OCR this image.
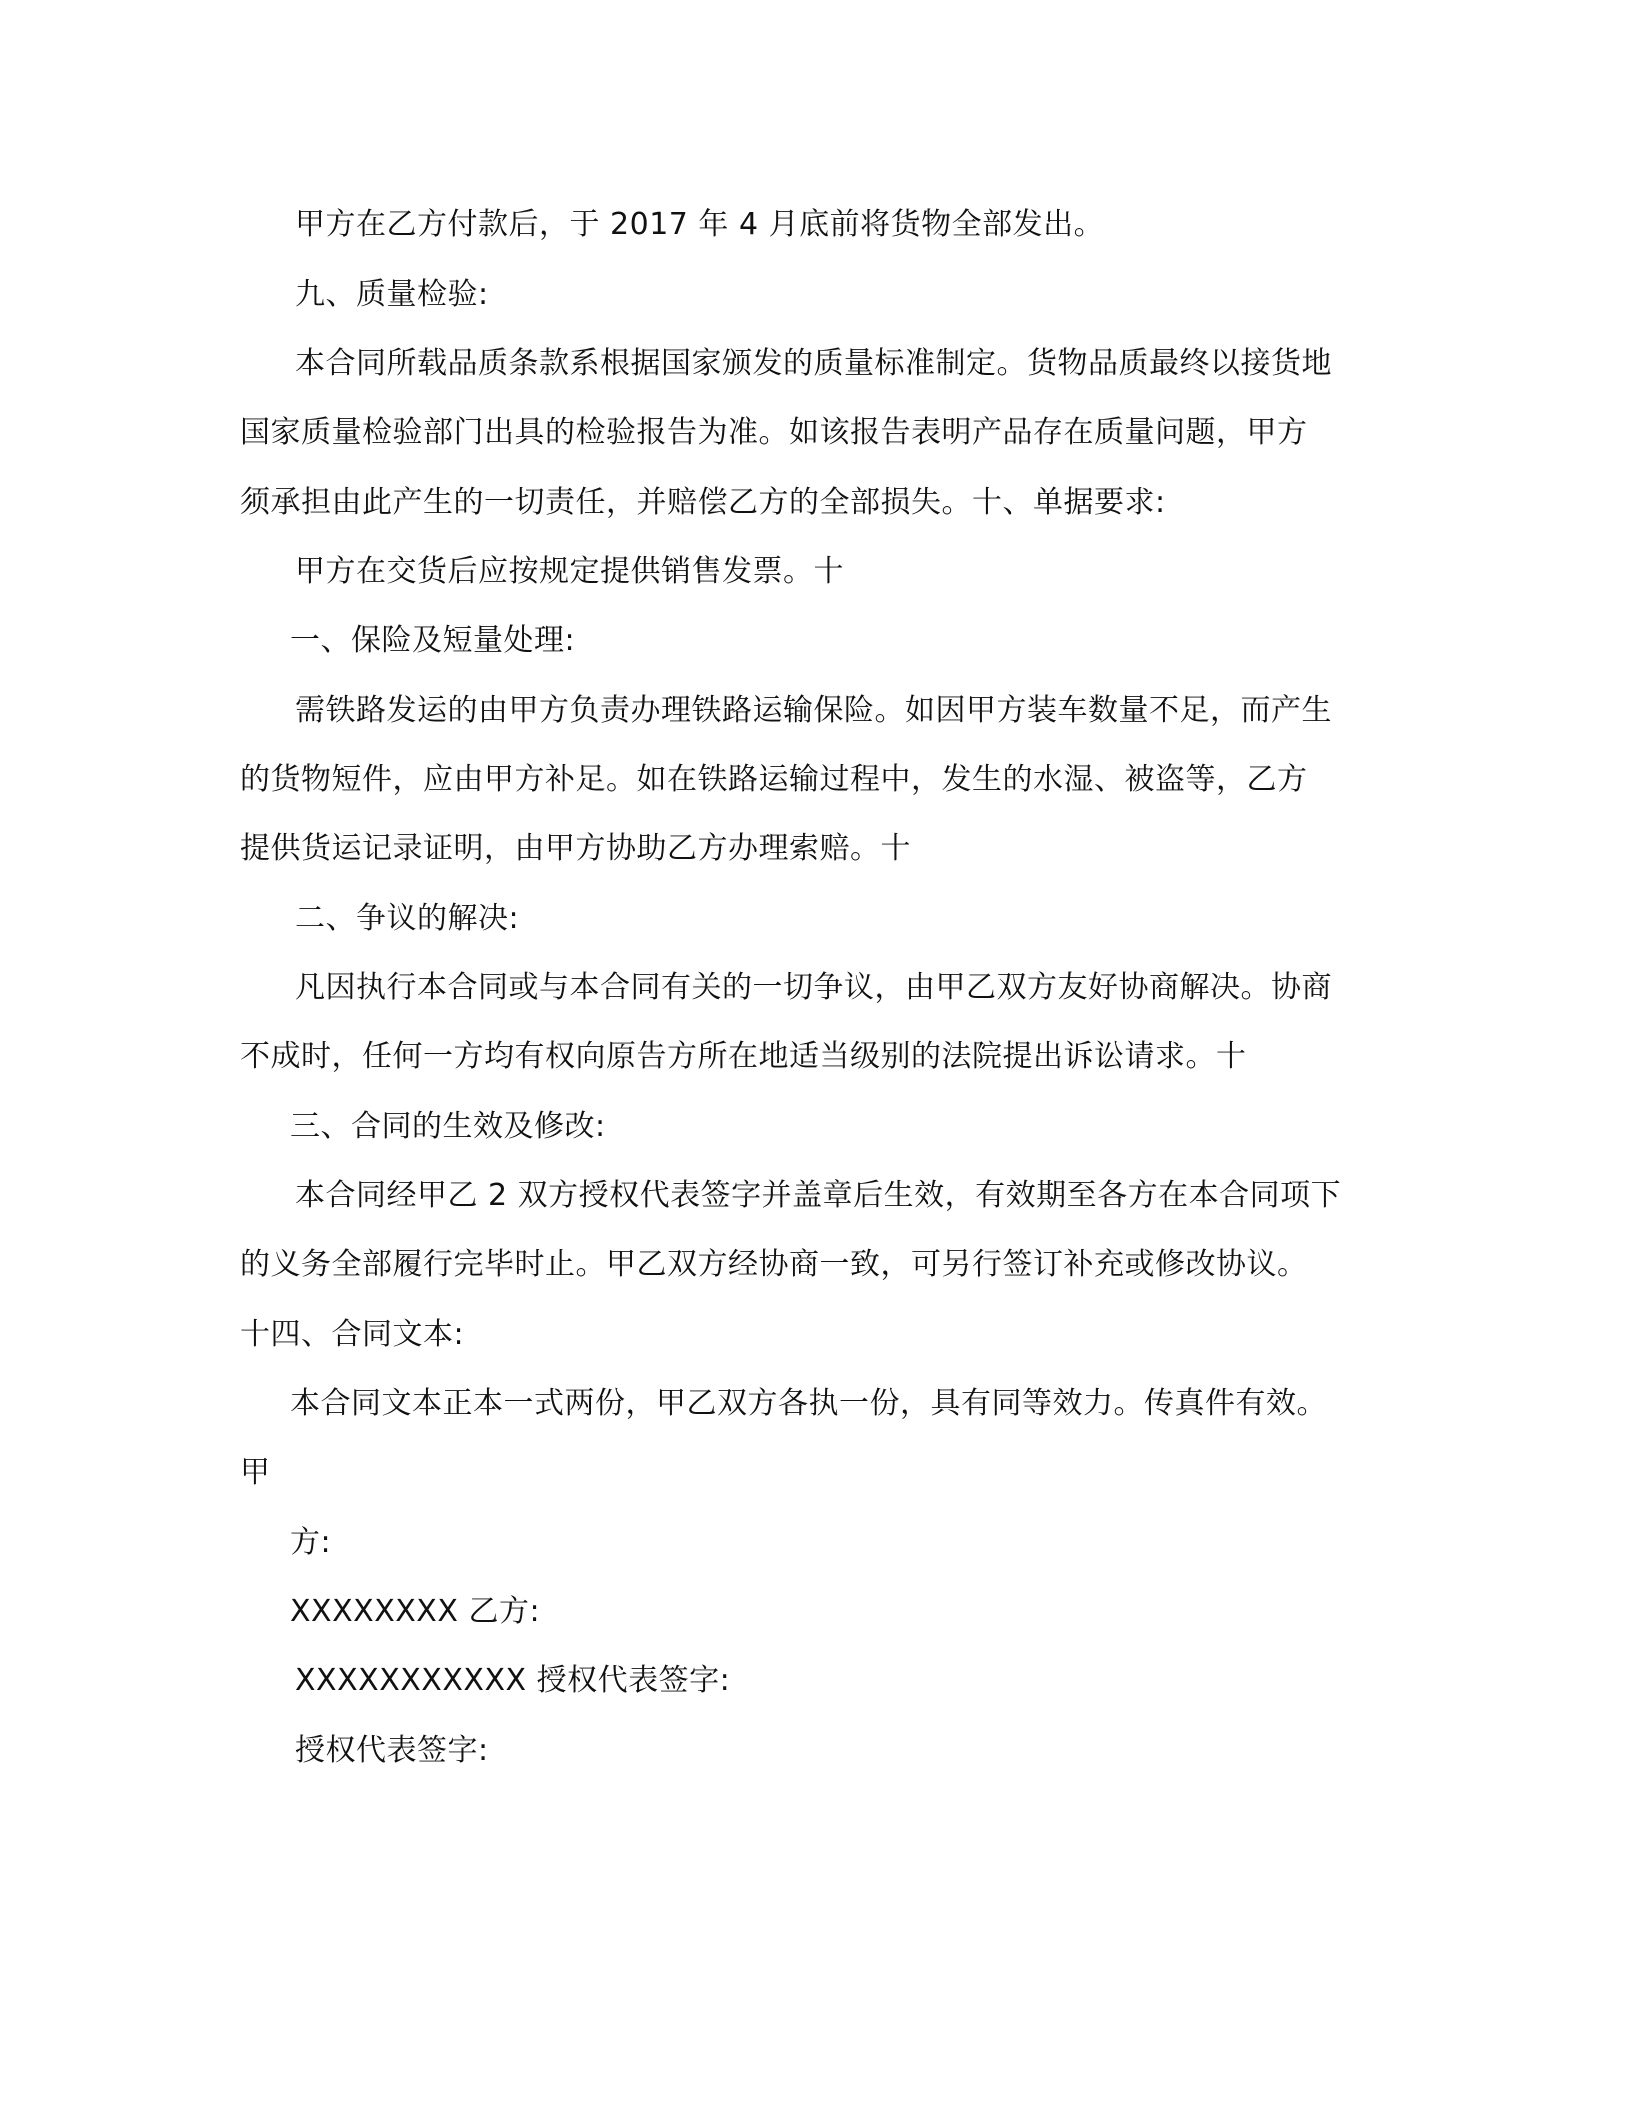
甲方在乙方付款后，于 2017 年 4 月底前将货物全部发出。
九、质量检验:
本合同所载品质条款系根据国家颁发的质量标准制定。货物品质最终以接货地
国家质量检验部门出具的检验报告为准。如该报告表明产品存在质量问题，甲方
须承担由此产生的一切责任，并赔偿乙方的全部损失。十、单据要求:
甲方在交货后应按规定提供销售发票。十
一、保险及短量处理:
需铁路发运的由甲方负责办理铁路运输保险。如因甲方装车数量不足，而产生
的货物短件，应由甲方补足。如在铁路运输过程中，发生的水湿、被盗等，乙方
提供货运记录证明，由甲方协助乙方办理索赔。十
二、争议的解决:
凡因执行本合同或与本合同有关的一切争议，由甲乙双方友好协商解决。协商
不成时，任何一方均有权向原告方所在地适当级别的法院提出诉讼请求。十
三、合同的生效及修改:
本合同经甲乙 2 双方授权代表签字并盖章后生效，有效期至各方在本合同项下
的义务全部履行完毕时止。甲乙双方经协商一致，可另行签订补充或修改协议。
十四、合同文本:
本合同文本正本一式两份，甲乙双方各执一份，具有同等效力。传真件有效。
甲
方:
XXXXXXXX 乙方:
XXXXXXXXXXX 授权代表签字:
授权代表签字:
